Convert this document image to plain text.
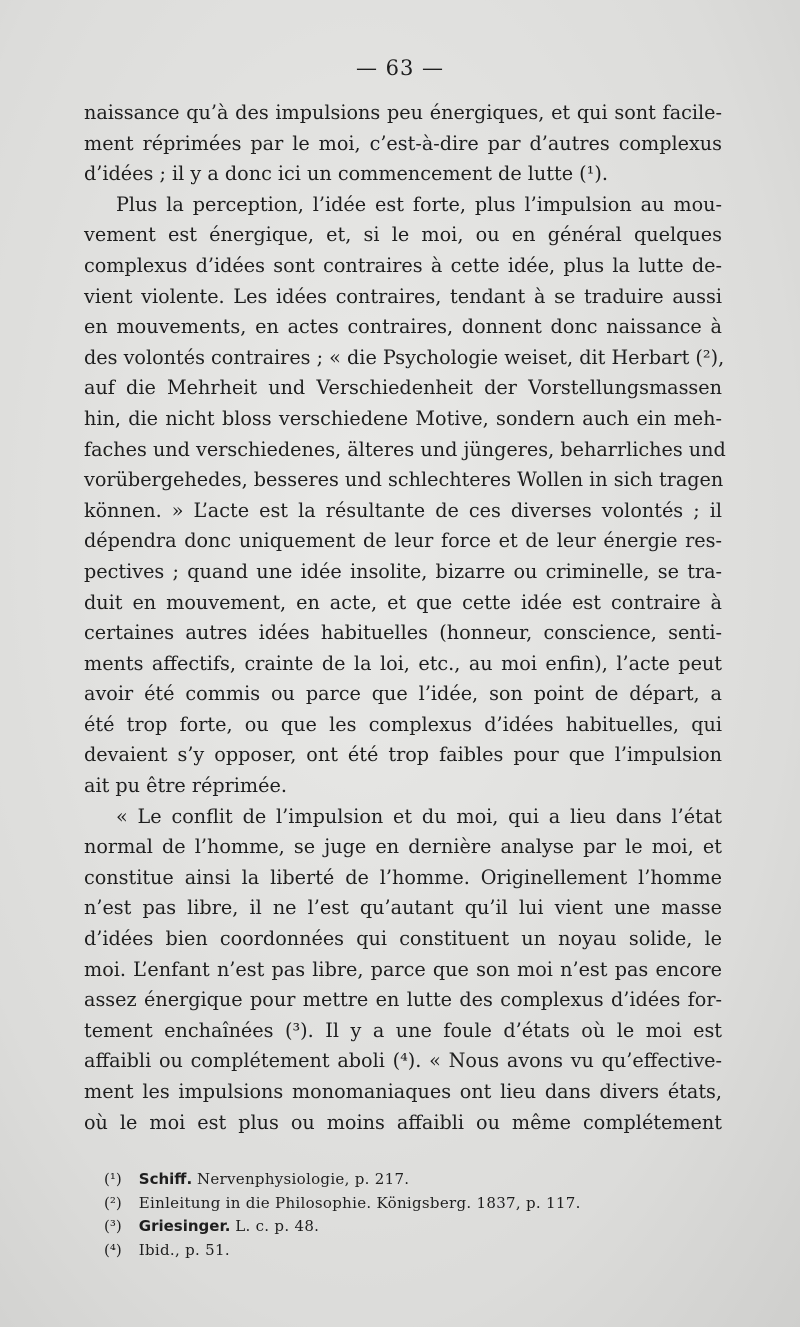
— 63 —
naissance qu’à des impulsions peu énergiques, et qui sont facile-
ment réprimées par le moi, c’est-à-dire par d’autres complexus
d’idées ; il y a donc ici un commencement de lutte (¹).
Plus la perception, l’idée est forte, plus l’impulsion au mou-
vement est énergique, et, si le moi, ou en général quelques
complexus d’idées sont contraires à cette idée, plus la lutte de-
vient violente. Les idées contraires, tendant à se traduire aussi
en mouvements, en actes contraires, donnent donc naissance à
des volontés contraires ; « die Psychologie weiset, dit Herbart (²),
auf die Mehrheit und Verschiedenheit der Vorstellungsmassen
hin, die nicht bloss verschiedene Motive, sondern auch ein meh-
faches und verschiedenes, älteres und jüngeres, beharrliches und
vorübergehedes, besseres und schlechteres Wollen in sich tragen
können. » L’acte est la résultante de ces diverses volontés ; il
dépendra donc uniquement de leur force et de leur énergie res-
pectives ; quand une idée insolite, bizarre ou criminelle, se tra-
duit en mouvement, en acte, et que cette idée est contraire à
certaines autres idées habituelles (honneur, conscience, senti-
ments affectifs, crainte de la loi, etc., au moi enfin), l’acte peut
avoir été commis ou parce que l’idée, son point de départ, a
été trop forte, ou que les complexus d’idées habituelles, qui
devaient s’y opposer, ont été trop faibles pour que l’impulsion
ait pu être réprimée.
« Le conflit de l’impulsion et du moi, qui a lieu dans l’état
normal de l’homme, se juge en dernière analyse par le moi, et
constitue ainsi la liberté de l’homme. Originellement l’homme
n’est pas libre, il ne l’est qu’autant qu’il lui vient une masse
d’idées bien coordonnées qui constituent un noyau solide, le
moi. L’enfant n’est pas libre, parce que son moi n’est pas encore
assez énergique pour mettre en lutte des complexus d’idées for-
tement enchaînées (³). Il y a une foule d’états où le moi est
affaibli ou complétement aboli (⁴). « Nous avons vu qu’effective-
ment les impulsions monomaniaques ont lieu dans divers états,
où le moi est plus ou moins affaibli ou même complétement
(¹) Schiff. Nervenphysiologie, p. 217.
(²) Einleitung in die Philosophie. Königsberg. 1837, p. 117.
(³) Griesinger. L. c. p. 48.
(⁴) Ibid., p. 51.
